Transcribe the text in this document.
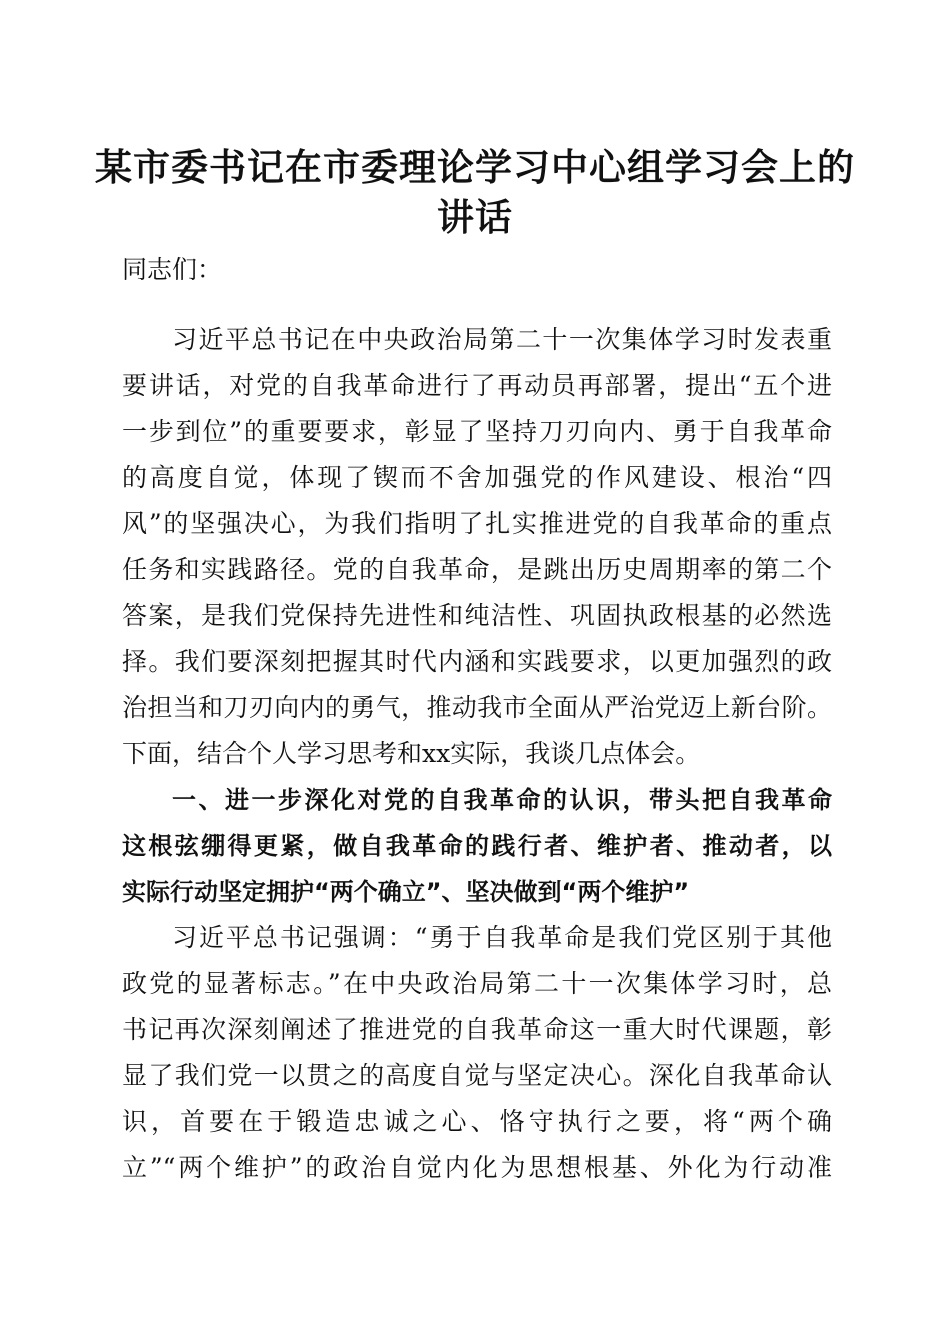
某市委书记在市委理论学习中心组学习会上的
讲话
同志们：
习近平总书记在中央政治局第二十一次集体学习时发表重
要讲话，对党的自我革命进行了再动员再部署，提出“五个进
一步到位”的重要要求，彰显了坚持刀刃向内、勇于自我革命
的高度自觉，体现了锲而不舍加强党的作风建设、根治“四
风”的坚强决心，为我们指明了扎实推进党的自我革命的重点
任务和实践路径。党的自我革命，是跳出历史周期率的第二个
答案，是我们党保持先进性和纯洁性、巩固执政根基的必然选
择。我们要深刻把握其时代内涵和实践要求，以更加强烈的政
治担当和刀刃向内的勇气，推动我市全面从严治党迈上新台阶。
下面，结合个人学习思考和xx实际，我谈几点体会。
一、进一步深化对党的自我革命的认识，带头把自我革命
这根弦绷得更紧，做自我革命的践行者、维护者、推动者，以
实际行动坚定拥护“两个确立”、坚决做到“两个维护”
习近平总书记强调：“勇于自我革命是我们党区别于其他
政党的显著标志。”在中央政治局第二十一次集体学习时，总
书记再次深刻阐述了推进党的自我革命这一重大时代课题，彰
显了我们党一以贯之的高度自觉与坚定决心。深化自我革命认
识，首要在于锻造忠诚之心、恪守执行之要，将“两个确
立”“两个维护”的政治自觉内化为思想根基、外化为行动准
